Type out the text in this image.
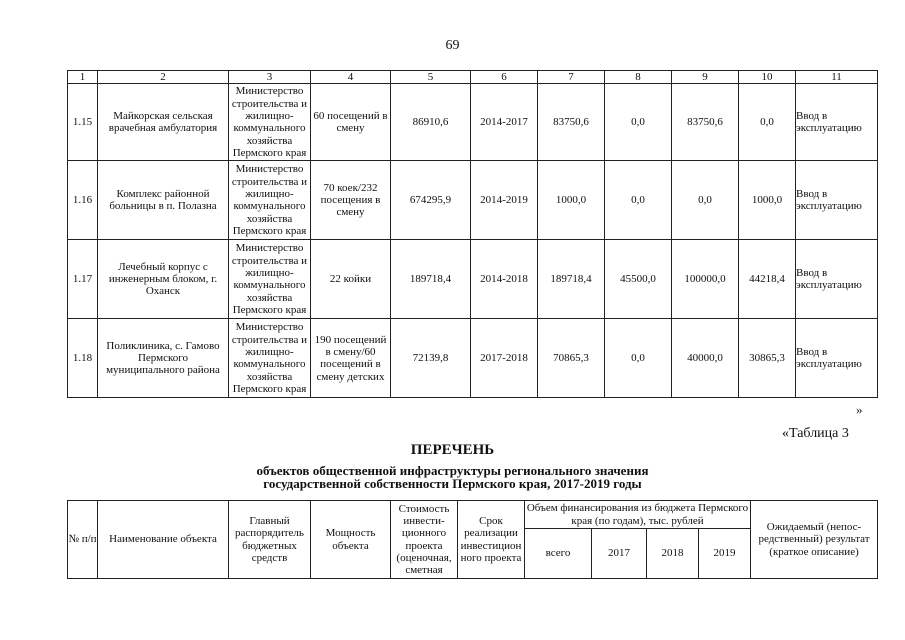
69
1	2	3	4	5	6	7	8	9	10	11
1.15	Майкорская сельская врачебная амбулатория	Министерство строительства и жилищно-коммунального хозяйства Пермского края	60 посещений в смену	86910,6	2014-2017	83750,6	0,0	83750,6	0,0	Ввод в эксплуатацию
1.16	Комплекс районной больницы в п. Полазна	Министерство строительства и жилищно-коммунального хозяйства Пермского края	70 коек/232 посещения в смену	674295,9	2014-2019	1000,0	0,0	0,0	1000,0	Ввод в эксплуатацию
1.17	Лечебный корпус с инженерным блоком, г. Оханск	Министерство строительства и жилищно-коммунального хозяйства Пермского края	22 койки	189718,4	2014-2018	189718,4	45500,0	100000,0	44218,4	Ввод в эксплуатацию
1.18	Поликлиника, с. Гамово Пермского муниципального района	Министерство строительства и жилищно-коммунального хозяйства Пермского края	190 посещений в смену/60 посещений в смену детских	72139,8	2017-2018	70865,3	0,0	40000,0	30865,3	Ввод в эксплуатацию
»
«Таблица 3
ПЕРЕЧЕНЬ
объектов общественной инфраструктуры регионального значения
государственной собственности Пермского края, 2017-2019 годы
№ п/п	Наименование объекта	Главный распорядитель бюджетных средств	Мощность объекта	Стоимость инвести-ционного проекта (оценочная, сметная	Срок реализации инвестицион ного проекта	Объем финансирования из бюджета Пермского края (по годам), тыс. рублей				Ожидаемый (непос-редственный) результат (краткое описание)
						всего	2017	2018	2019	
